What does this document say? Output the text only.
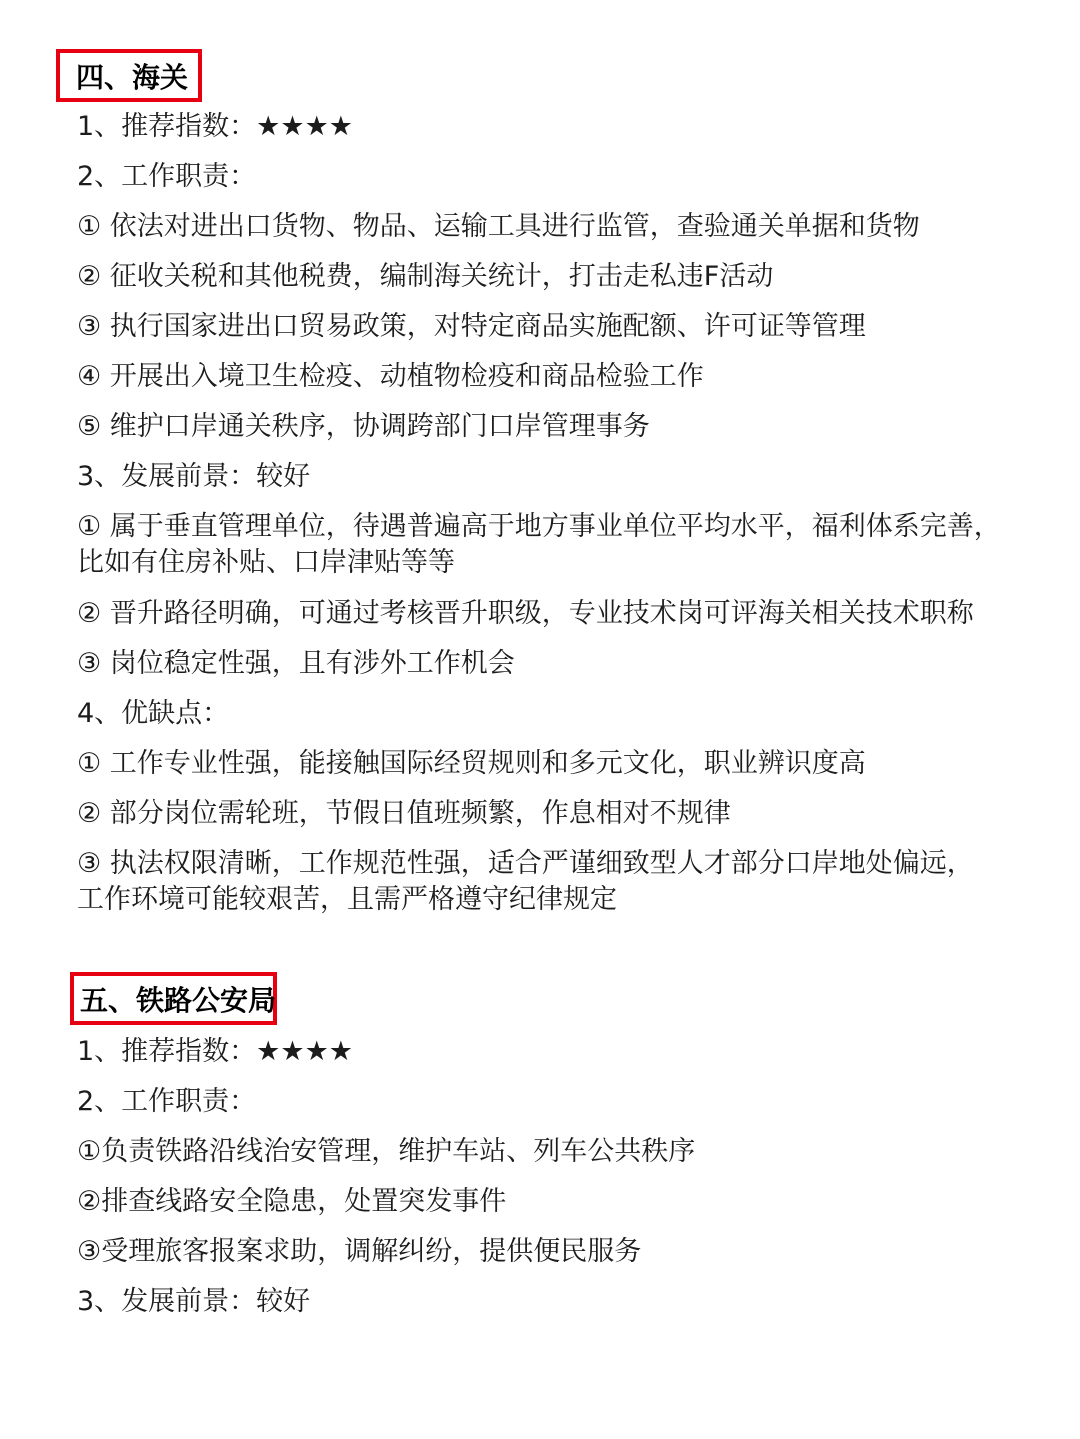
四、海关
1、推荐指数：★★★★
2、工作职责：
① 依法对进出口货物、物品、运输工具进行监管，查验通关单据和货物
② 征收关税和其他税费，编制海关统计，打击走私违F活动
③ 执行国家进出口贸易政策，对特定商品实施配额、许可证等管理
④ 开展出入境卫生检疫、动植物检疫和商品检验工作
⑤ 维护口岸通关秩序，协调跨部门口岸管理事务
3、发展前景：较好
① 属于垂直管理单位，待遇普遍高于地方事业单位平均水平，福利体系完善，
比如有住房补贴、口岸津贴等等
② 晋升路径明确，可通过考核晋升职级，专业技术岗可评海关相关技术职称
③ 岗位稳定性强，且有涉外工作机会
4、优缺点：
① 工作专业性强，能接触国际经贸规则和多元文化，职业辨识度高
② 部分岗位需轮班，节假日值班频繁，作息相对不规律
③ 执法权限清晰，工作规范性强，适合严谨细致型人才部分口岸地处偏远，
工作环境可能较艰苦，且需严格遵守纪律规定
五、铁路公安局
1、推荐指数：★★★★
2、工作职责：
①负责铁路沿线治安管理，维护车站、列车公共秩序
②排查线路安全隐患，处置突发事件
③受理旅客报案求助，调解纠纷，提供便民服务
3、发展前景：较好
